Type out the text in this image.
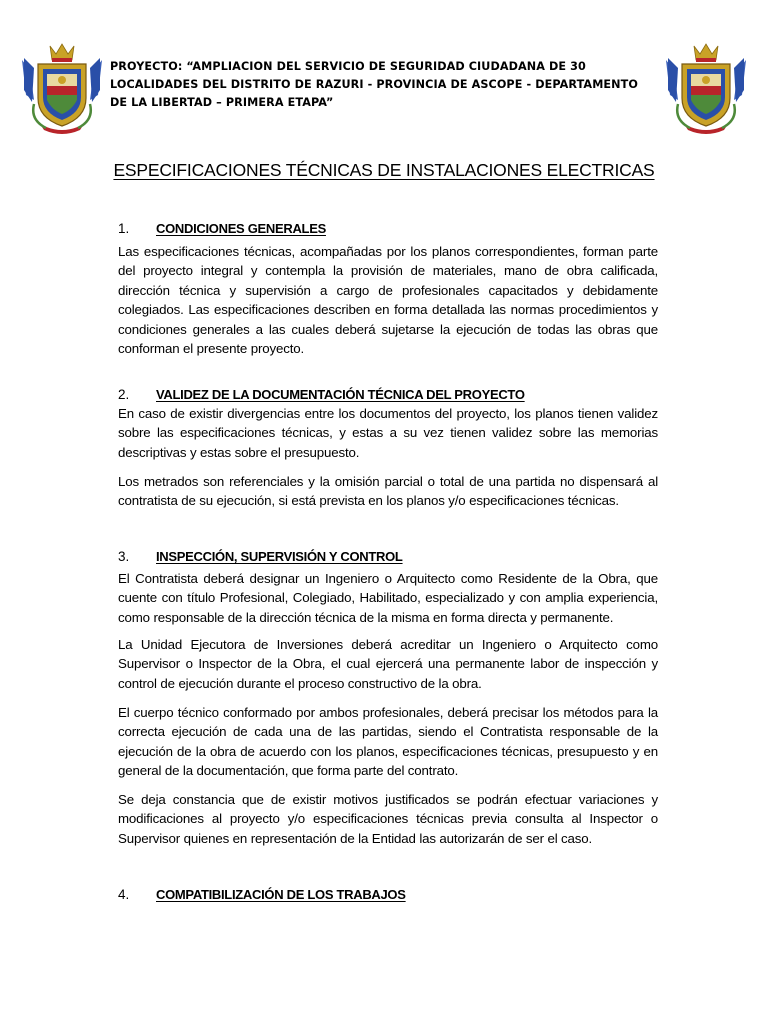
PROYECTO: “AMPLIACION DEL SERVICIO DE SEGURIDAD CIUDADANA DE 30 LOCALIDADES DEL DISTRITO DE RAZURI - PROVINCIA DE ASCOPE - DEPARTAMENTO DE LA LIBERTAD – PRIMERA ETAPA”

ESPECIFICACIONES TÉCNICAS DE INSTALACIONES ELECTRICAS
1. CONDICIONES GENERALES

Las especificaciones técnicas, acompañadas por los planos correspondientes, forman parte del proyecto integral y contempla la provisión de materiales, mano de obra calificada, dirección técnica y supervisión a cargo de profesionales capacitados y debidamente colegiados. Las especificaciones describen en forma detallada las normas procedimientos y condiciones generales a las cuales deberá sujetarse la ejecución de todas las obras que conforman el presente proyecto.

2. VALIDEZ DE LA DOCUMENTACIÓN TÉCNICA DEL PROYECTO

En caso de existir divergencias entre los documentos del proyecto, los planos tienen validez sobre las especificaciones técnicas, y estas a su vez tienen validez sobre las memorias descriptivas y estas sobre el presupuesto.

Los metrados son referenciales y la omisión parcial o total de una partida no dispensará al contratista de su ejecución, si está prevista en los planos y/o especificaciones técnicas.

3. INSPECCIÓN, SUPERVISIÓN Y CONTROL

El Contratista deberá designar un Ingeniero o Arquitecto como Residente de la Obra, que cuente con título Profesional, Colegiado, Habilitado, especializado y con amplia experiencia, como responsable de la dirección técnica de la misma en forma directa y permanente.

La Unidad Ejecutora de Inversiones deberá acreditar un Ingeniero o Arquitecto como Supervisor o Inspector de la Obra, el cual ejercerá una permanente labor de inspección y control de ejecución durante el proceso constructivo de la obra.

El cuerpo técnico conformado por ambos profesionales, deberá precisar los métodos para la correcta ejecución de cada una de las partidas, siendo el Contratista responsable de la ejecución de la obra de acuerdo con los planos, especificaciones técnicas, presupuesto y en general de la documentación, que forma parte del contrato.

Se deja constancia que de existir motivos justificados se podrán efectuar variaciones y modificaciones al proyecto y/o especificaciones técnicas previa consulta al Inspector o Supervisor quienes en representación de la Entidad las autorizarán de ser el caso.

4. COMPATIBILIZACIÓN DE LOS TRABAJOS
